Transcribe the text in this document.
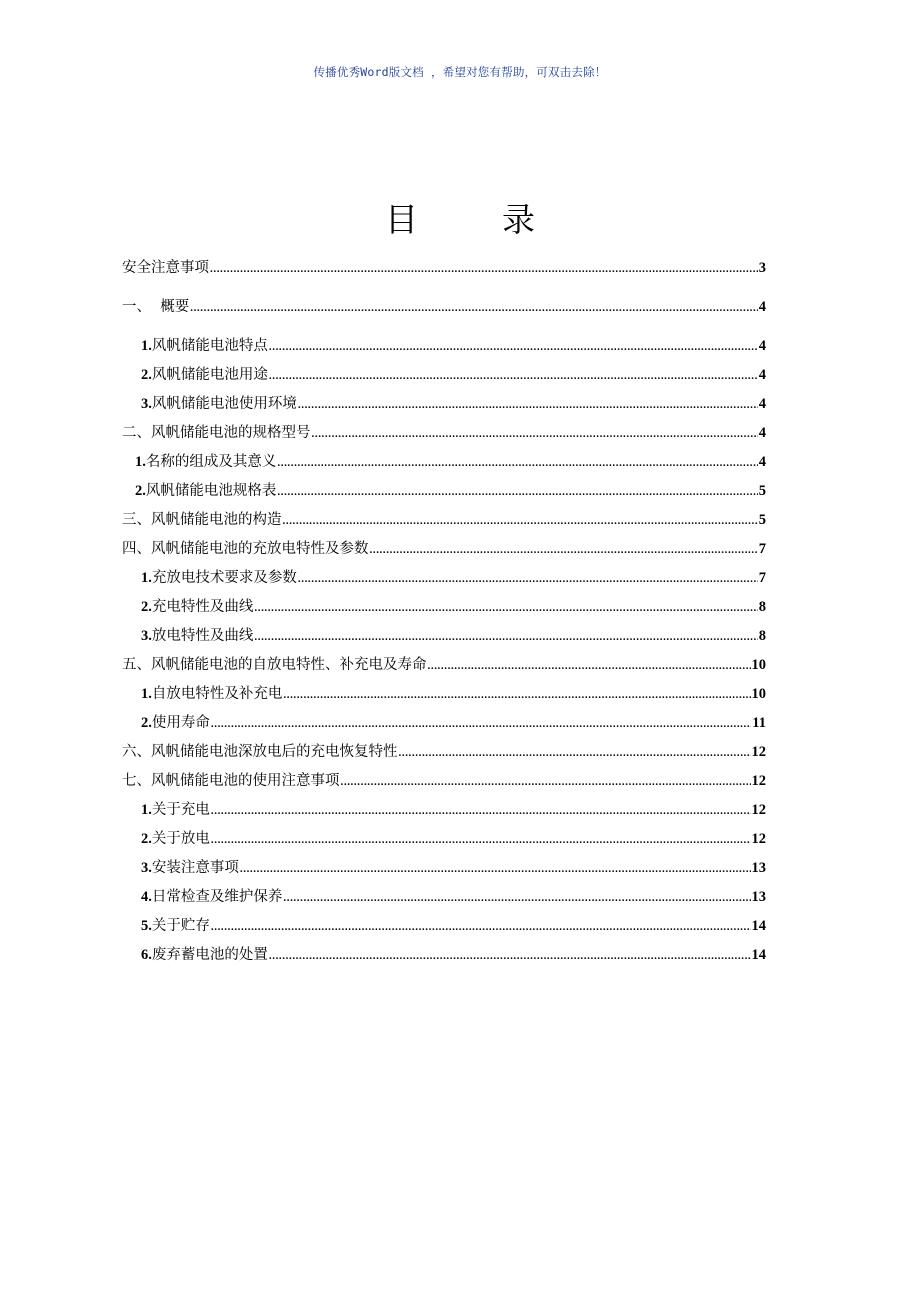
传播优秀Word版文档 ，希望对您有帮助，可双击去除！
目	录
安全注意事项 .....	3
一、  概要 .....	4
1.风帆储能电池特点 .....	4
2.风帆储能电池用途 .....	4
3.风帆储能电池使用环境 .....	4
二、风帆储能电池的规格型号 .....	4
1.名称的组成及其意义 .....	4
2.风帆储能电池规格表 .....	5
三、风帆储能电池的构造 .....	5
四、风帆储能电池的充放电特性及参数 .....	7
1.充放电技术要求及参数 .....	7
2.充电特性及曲线 .....	8
3.放电特性及曲线 .....	8
五、风帆储能电池的自放电特性、补充电及寿命 .....	10
1.自放电特性及补充电 .....	10
2.使用寿命 .....	11
六、风帆储能电池深放电后的充电恢复特性 .....	12
七、风帆储能电池的使用注意事项 .....	12
1.关于充电 .....	12
2.关于放电 .....	12
3.安装注意事项 .....	13
4.日常检查及维护保养 .....	13
5.关于贮存 .....	14
6.废弃蓄电池的处置 .....	14
